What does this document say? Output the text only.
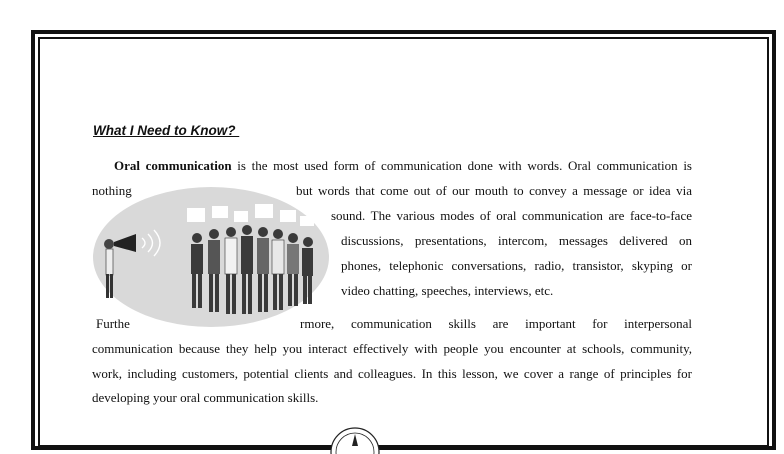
What I Need to Know?
Oral communication is the most used form of communication done with words. Oral communication is
nothing	but words that come out of our mouth to convey a message or idea via
sound. The various modes of oral communication are face-to-face
discussions, presentations, intercom, messages delivered on
phones, telephonic conversations, radio, transistor, skyping or
video chatting, speeches, interviews, etc.
Furthe	rmore, communication skills are important for interpersonal
communication because they help you interact effectively with people you encounter at schools, community,
work, including customers, potential clients and colleagues. In this lesson, we cover a range of principles for
developing your oral communication skills.
